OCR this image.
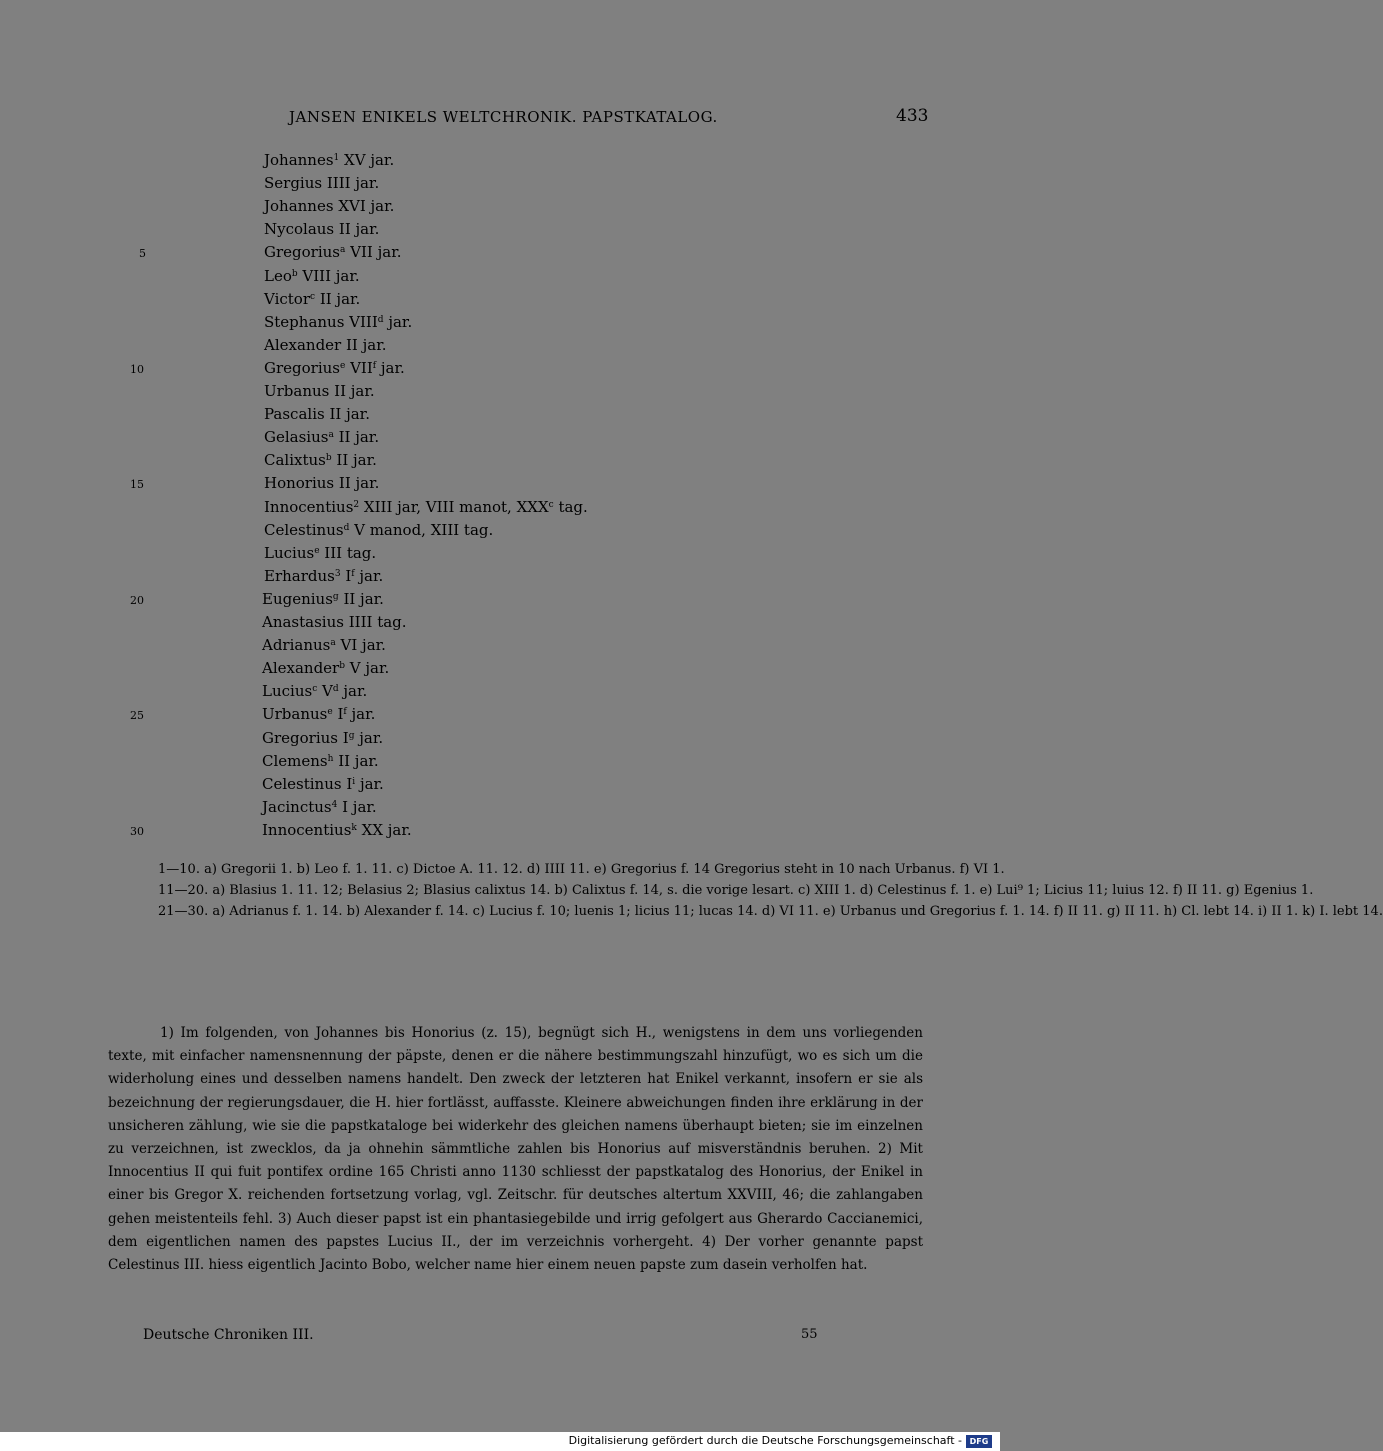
JANSEN ENIKELS WELTCHRONIK. PAPSTKATALOG.	433
Johannes$^1$ XV jar.
Sergius IIII jar.
Johannes XVI jar.
Nycolaus II jar.
Gregorius$^a$ VII jar.
Leo$^b$ VIII jar.
Victor$^c$ II jar.
Stephanus VIII$^d$ jar.
Alexander II jar.
Gregorius$^e$ VII$^f$ jar.
Urbanus II jar.
Pascalis II jar.
Gelasius$^a$ II jar.
Calixtus$^b$ II jar.
Honorius II jar.
Innocentius$^2$ XIII jar, VIII manot, XXX$^c$ tag.
Celestinus$^d$ V manod, XIII tag.
Lucius$^e$ III tag.
Erhardus$^3$ $I^f$ jar.
Eugenius$^g$ II jar.
Anastasius IIII tag.
Adrianus$^a$ VI jar.
Alexander$^b$ V jar.
Lucius$^c$ $V^d$ jar.
Urbanus$^e$ $I^f$ jar.
Gregorius $I^g$ jar.
Clemens$^h$ II jar.
Celestinus $I^i$ jar.
Jacinctus$^4$ I jar.
Innocentius$^k$ XX jar.
5
10
15
20
25
30

1—10. a) Gregorii 1. b) Leo f. 1. 11. c) Dictoe A. 11. 12. d) IIII 11. e) Gregorius f. 14 Gregorius steht in 10 nach Urbanus. f) VI 1.

11—20. a) Blasius 1. 11. 12; Belasius 2; Blasius calixtus 14. b) Calixtus f. 14, s. die vorige lesart. c) XIII 1. d) Celestinus f. 1. e) Lui⁹ 1; Licius 11; luius 12. f) II 11. g) Egenius 1.

21—30. a) Adrianus f. 1. 14. b) Alexander f. 14. c) Lucius f. 10; luenis 1; licius 11; lucas 14. d) VI 11. e) Urbanus und Gregorius f. 1. 14. f) II 11. g) II 11. h) Cl. lebt 14. i) II 1. k) I. lebt 14.

1) Im folgenden, von Johannes bis Honorius (z. 15), begnügt sich H., wenigstens in dem uns vorliegenden texte, mit einfacher namensnennung der päpste, denen er die nähere bestimmungszahl hinzufügt, wo es sich um die widerholung eines und desselben namens handelt. Den zweck der letzteren hat Enikel verkannt, insofern er sie als bezeichnung der regierungsdauer, die H. hier fortlässt, auffasste. Kleinere abweichungen finden ihre erklärung in der unsicheren zählung, wie sie die papstkataloge bei widerkehr des gleichen namens überhaupt bieten; sie im einzelnen zu verzeichnen, ist zwecklos, da ja ohnehin sämmtliche zahlen bis Honorius auf misverständnis beruhen. 2) Mit Innocentius II qui fuit pontifex ordine 165 Christi anno 1130 schliesst der papstkatalog des Honorius, der Enikel in einer bis Gregor X. reichenden fortsetzung vorlag, vgl. Zeitschr. für deutsches altertum XXVIII, 46; die zahlangaben gehen meistenteils fehl. 3) Auch dieser papst ist ein phantasiegebilde und irrig gefolgert aus Gherardo Caccianemici, dem eigentlichen namen des papstes Lucius II., der im verzeichnis vorhergeht. 4) Der vorher genannte papst Celestinus III. hiess eigentlich Jacinto Bobo, welcher name hier einem neuen papste zum dasein verholfen hat.

Deutsche Chroniken III.	55
Digitalisierung gefördert durch die Deutsche Forschungsgemeinschaft - DFG
